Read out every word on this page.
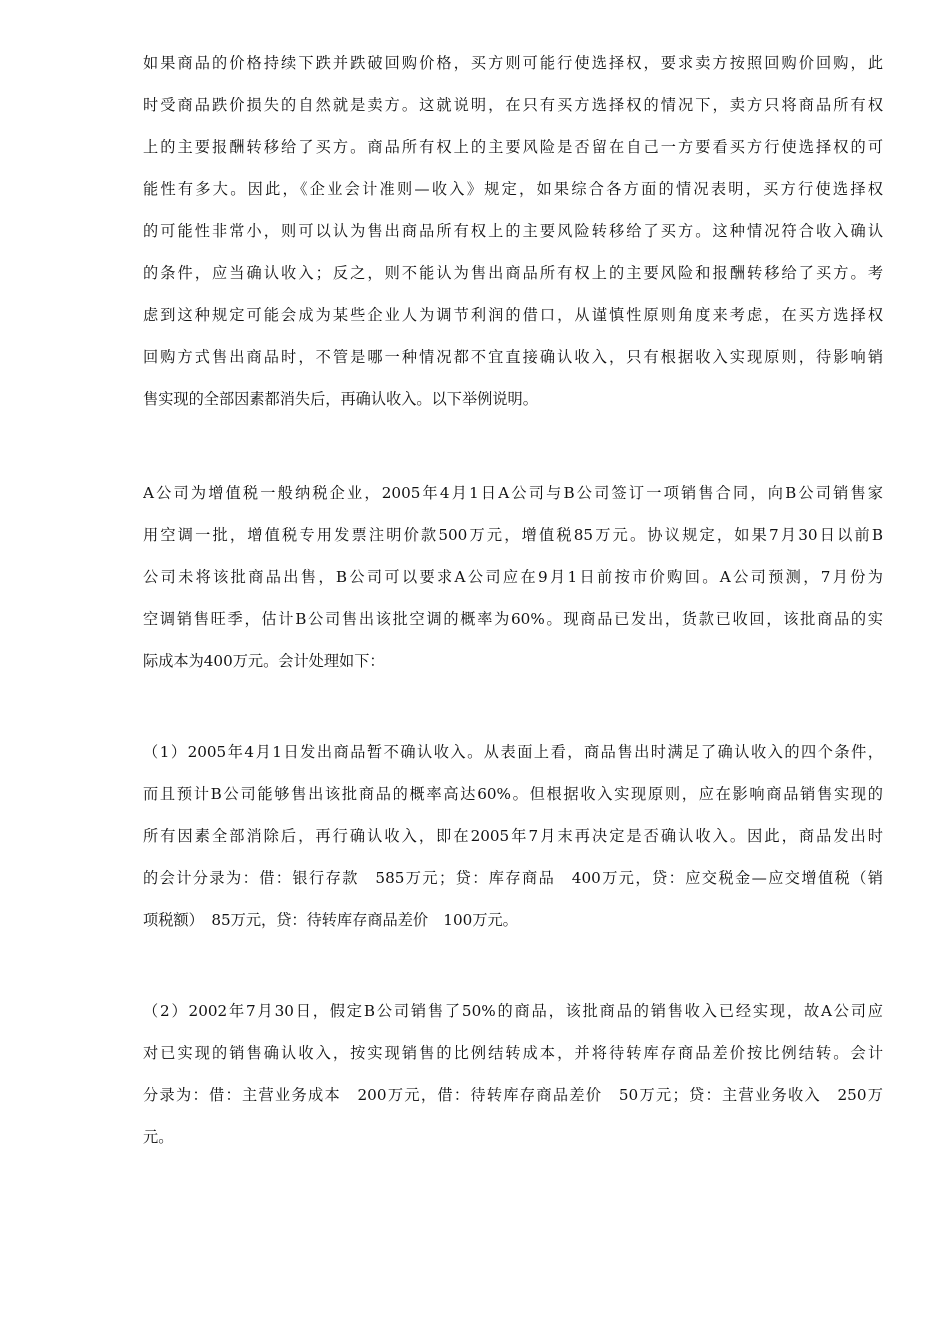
如果商品的价格持续下跌并跌破回购价格，买方则可能行使选择权，要求卖方按照回购价回购，此
时受商品跌价损失的自然就是卖方。这就说明，在只有买方选择权的情况下，卖方只将商品所有权
上的主要报酬转移给了买方。商品所有权上的主要风险是否留在自己一方要看买方行使选择权的可
能性有多大。因此，《企业会计准则—收入》规定，如果综合各方面的情况表明，买方行使选择权
的可能性非常小，则可以认为售出商品所有权上的主要风险转移给了买方。这种情况符合收入确认
的条件，应当确认收入；反之，则不能认为售出商品所有权上的主要风险和报酬转移给了买方。考
虑到这种规定可能会成为某些企业人为调节利润的借口，从谨慎性原则角度来考虑，在买方选择权
回购方式售出商品时，不管是哪一种情况都不宜直接确认收入，只有根据收入实现原则，待影响销
售实现的全部因素都消失后，再确认收入。以下举例说明。
A公司为增值税一般纳税企业，2005年4月1日A公司与B公司签订一项销售合同，向B公司销售家
用空调一批，增值税专用发票注明价款500万元，增值税85万元。协议规定，如果7月30日以前B
公司未将该批商品出售，B公司可以要求A公司应在9月1日前按市价购回。A公司预测，7月份为
空调销售旺季，估计B公司售出该批空调的概率为60%。现商品已发出，货款已收回，该批商品的实
际成本为400万元。会计处理如下：
（1）2005年4月1日发出商品暂不确认收入。从表面上看，商品售出时满足了确认收入的四个条件，
而且预计B公司能够售出该批商品的概率高达60%。但根据收入实现原则，应在影响商品销售实现的
所有因素全部消除后，再行确认收入，即在2005年7月末再决定是否确认收入。因此，商品发出时
的会计分录为：借：银行存款　585万元；贷：库存商品　400万元，贷：应交税金—应交增值税（销
项税额）　85万元，贷：待转库存商品差价　100万元。
（2）2002年7月30日，假定B公司销售了50%的商品，该批商品的销售收入已经实现，故A公司应
对已实现的销售确认收入，按实现销售的比例结转成本，并将待转库存商品差价按比例结转。会计
分录为：借：主营业务成本　200万元，借：待转库存商品差价　50万元；贷：主营业务收入　250万
元。
